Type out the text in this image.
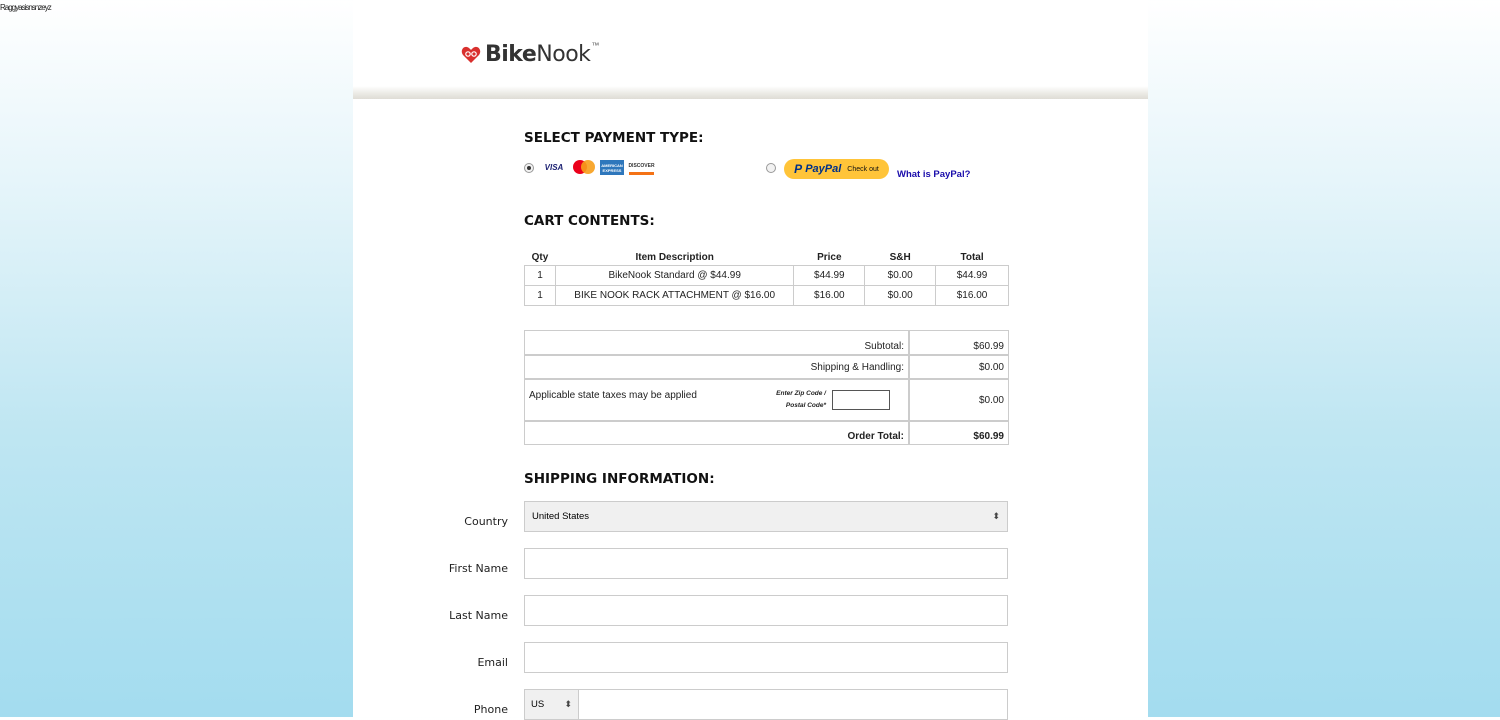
Raggyasisnsnzeyz
BikeNook ™
SELECT PAYMENT TYPE:
VISA	AMERICAN EXPRESS
DISCOVER	P PayPal Check out What is PayPal?
CART CONTENTS:
Qty	Item Description	Price	S&H	Total
1	BikeNook Standard @ $44.99	$44.99	$0.00	$44.99
1	BIKE NOOK RACK ATTACHMENT @ $16.00	$16.00	$0.00	$16.00
Subtotal:	$60.99
Shipping & Handling:	$0.00

Applicable state taxes may be applied Enter Zip Code /
Postal Code*	$0.00
Order Total:	$60.99
SHIPPING INFORMATION:
Country	United States	⬍
First Name
Last Name
Email
Phone US ⬍
